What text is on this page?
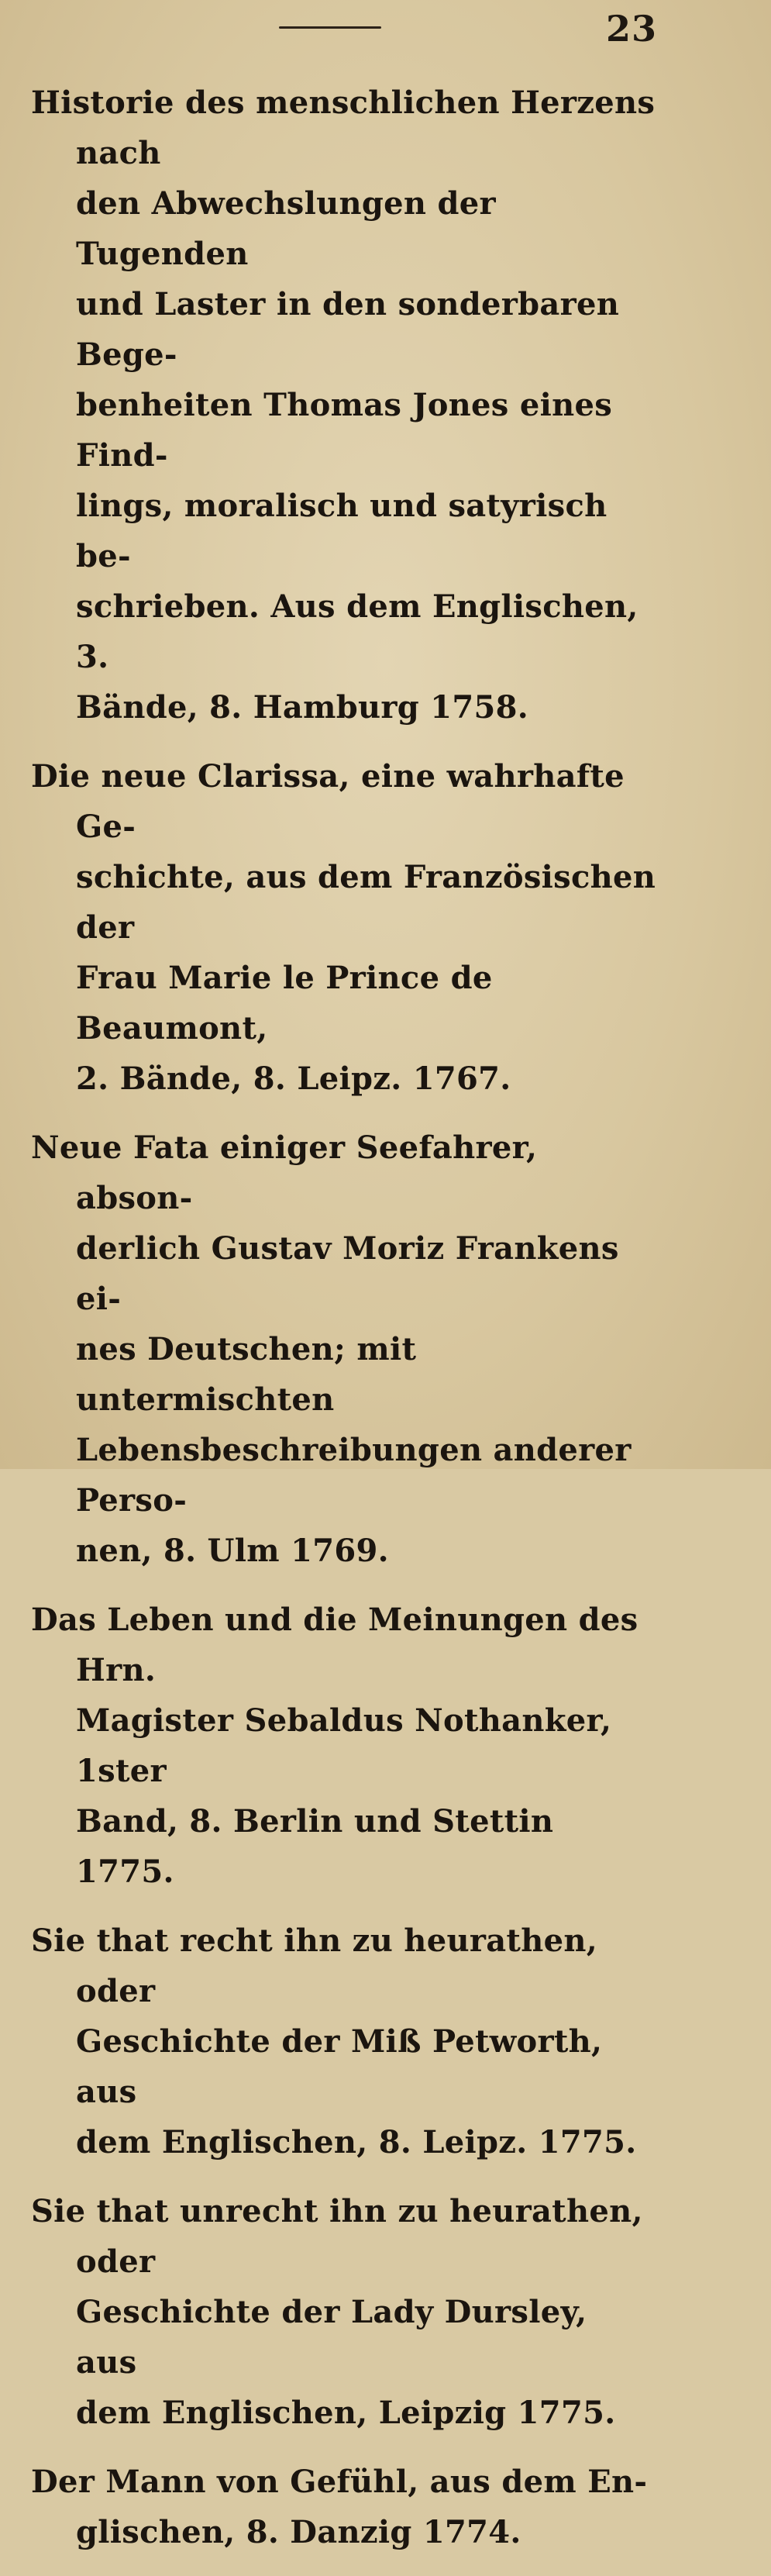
23

Historie des menschlichen Herzens nach
den Abwechslungen der Tugenden
und Laster in den sonderbaren Bege-
benheiten Thomas Jones eines Find-
lings, moralisch und satyrisch be-
schrieben. Aus dem Englischen, 3.
Bände, 8. Hamburg 1758.

Die neue Clarissa, eine wahrhafte Ge-
schichte, aus dem Französischen der
Frau Marie le Prince de Beaumont,
2. Bände, 8. Leipz. 1767.

Neue Fata einiger Seefahrer, abson-
derlich Gustav Moriz Frankens ei-
nes Deutschen; mit untermischten
Lebensbeschreibungen anderer Perso-
nen, 8. Ulm 1769.

Das Leben und die Meinungen des Hrn.
Magister Sebaldus Nothanker, 1ster
Band, 8. Berlin und Stettin 1775.

Sie that recht ihn zu heurathen, oder
Geschichte der Miß Petworth, aus
dem Englischen, 8. Leipz. 1775.

Sie that unrecht ihn zu heurathen, oder
Geschichte der Lady Dursley, aus
dem Englischen, Leipzig 1775.

Der Mann von Gefühl, aus dem En-
glischen, 8. Danzig 1774.
